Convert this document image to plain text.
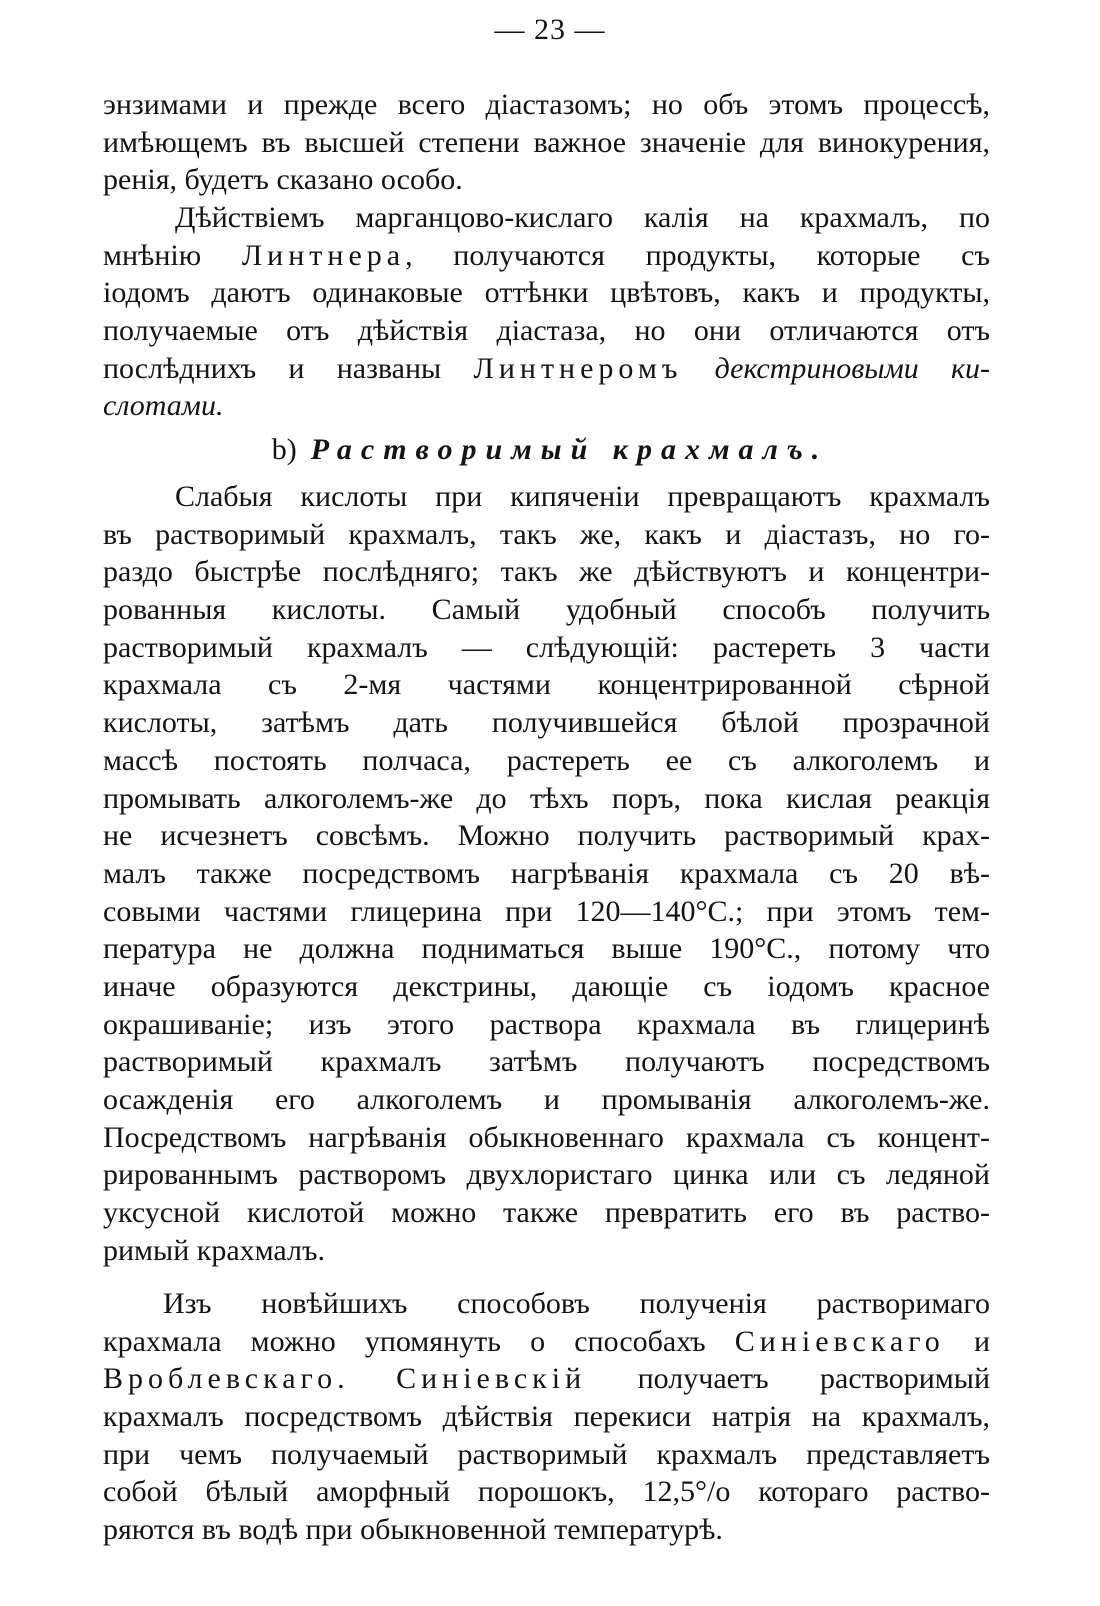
— 23 —
энзимами и прежде всего діастазомъ; но объ этомъ процессѣ,
имѣющемъ въ высшей степени важное значеніе для винокурения,
ренія, будетъ сказано особо.
Дѣйствіемъ марганцово-кислаго калія на крахмалъ, по
мнѣнію Линтнера, получаются продукты, которые съ
іодомъ даютъ одинаковые оттѣнки цвѣтовъ, какъ и продукты,
получаемые отъ дѣйствія діастаза, но они отличаются отъ
послѣднихъ и названы Линтнеромъ декстриновыми ки-
слотами.
b) Растворимый крахмалъ.
Слабыя кислоты при кипяченіи превращаютъ крахмалъ
въ растворимый крахмалъ, такъ же, какъ и діастазъ, но го-
раздо быстрѣе послѣдняго; такъ же дѣйствуютъ и концентри-
рованныя кислоты. Самый удобный способъ получить
растворимый крахмалъ — слѣдующій: растереть 3 части
крахмала съ 2-мя частями концентрированной сѣрной
кислоты, затѣмъ дать получившейся бѣлой прозрачной
массѣ постоять полчаса, растереть ее съ алкоголемъ и
промывать алкоголемъ-же до тѣхъ поръ, пока кислая реакція
не исчезнетъ совсѣмъ. Можно получить растворимый крах-
малъ также посредствомъ нагрѣванія крахмала съ 20 вѣ-
совыми частями глицерина при 120—140°С.; при этомъ тем-
пература не должна подниматься выше 190°С., потому что
иначе образуются декстрины, дающіе съ іодомъ красное
окрашиваніе; изъ этого раствора крахмала въ глицеринѣ
растворимый крахмалъ затѣмъ получаютъ посредствомъ
осажденія его алкоголемъ и промыванія алкоголемъ-же.
Посредствомъ нагрѣванія обыкновеннаго крахмала съ концент-
рированнымъ растворомъ двухлористаго цинка или съ ледяной
уксусной кислотой можно также превратить его въ раство-
римый крахмалъ.
Изъ новѣйшихъ способовъ полученія растворимаго
крахмала можно упомянуть о способахъ Синіевскаго и
Вроблевскаго. Синіевскій получаетъ растворимый
крахмалъ посредствомъ дѣйствія перекиси натрія на крахмалъ,
при чемъ получаемый растворимый крахмалъ представляетъ
собой бѣлый аморфный порошокъ, 12,5°/о котораго раство-
ряются въ водѣ при обыкновенной температурѣ.
